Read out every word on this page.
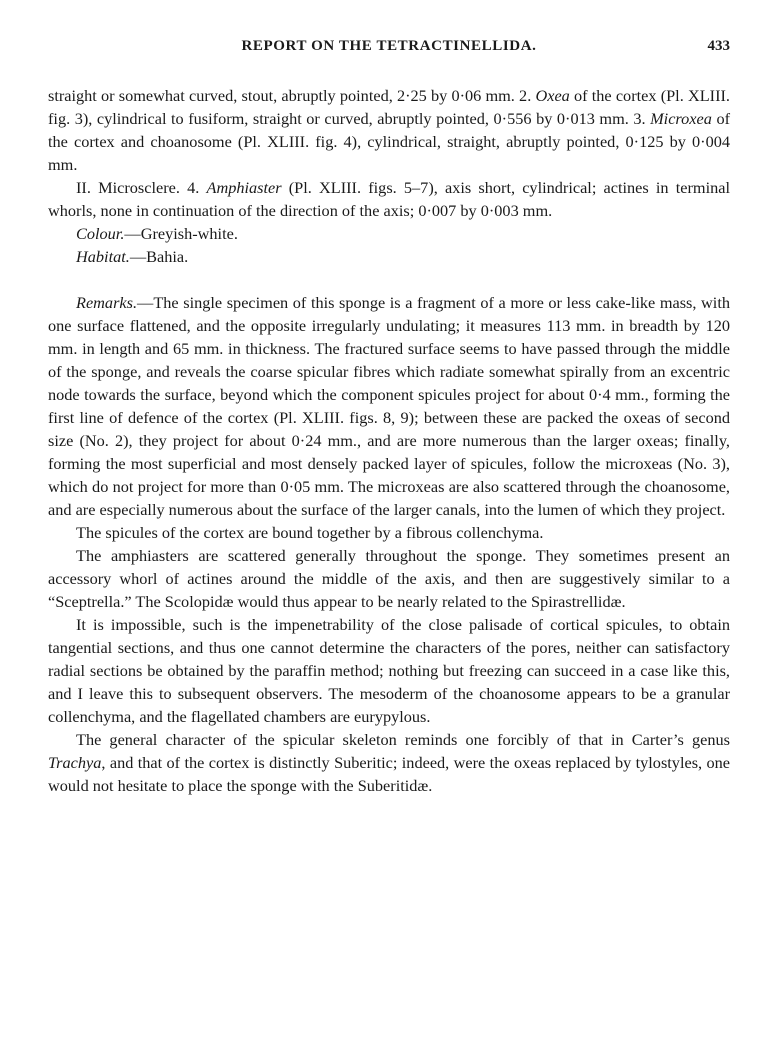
REPORT ON THE TETRACTINELLIDA.	433

straight or somewhat curved, stout, abruptly pointed, 2·25 by 0·06 mm. 2. Oxea of the cortex (Pl. XLIII. fig. 3), cylindrical to fusiform, straight or curved, abruptly pointed, 0·556 by 0·013 mm. 3. Microxea of the cortex and choanosome (Pl. XLIII. fig. 4), cylindrical, straight, abruptly pointed, 0·125 by 0·004 mm.

II. Microsclere. 4. Amphiaster (Pl. XLIII. figs. 5–7), axis short, cylindrical; actines in terminal whorls, none in continuation of the direction of the axis; 0·007 by 0·003 mm.

Colour.—Greyish-white.

Habitat.—Bahia.

Remarks.—The single specimen of this sponge is a fragment of a more or less cake-like mass, with one surface flattened, and the opposite irregularly undulating; it measures 113 mm. in breadth by 120 mm. in length and 65 mm. in thickness. The fractured surface seems to have passed through the middle of the sponge, and reveals the coarse spicular fibres which radiate somewhat spirally from an excentric node towards the surface, beyond which the component spicules project for about 0·4 mm., forming the first line of defence of the cortex (Pl. XLIII. figs. 8, 9); between these are packed the oxeas of second size (No. 2), they project for about 0·24 mm., and are more numerous than the larger oxeas; finally, forming the most superficial and most densely packed layer of spicules, follow the microxeas (No. 3), which do not project for more than 0·05 mm. The microxeas are also scattered through the choanosome, and are especially numerous about the surface of the larger canals, into the lumen of which they project.

The spicules of the cortex are bound together by a fibrous collenchyma.

The amphiasters are scattered generally throughout the sponge. They sometimes present an accessory whorl of actines around the middle of the axis, and then are suggestively similar to a “Sceptrella.” The Scolopidæ would thus appear to be nearly related to the Spirastrellidæ.

It is impossible, such is the impenetrability of the close palisade of cortical spicules, to obtain tangential sections, and thus one cannot determine the characters of the pores, neither can satisfactory radial sections be obtained by the paraffin method; nothing but freezing can succeed in a case like this, and I leave this to subsequent observers. The mesoderm of the choanosome appears to be a granular collenchyma, and the flagellated chambers are eurypylous.

The general character of the spicular skeleton reminds one forcibly of that in Carter’s genus Trachya, and that of the cortex is distinctly Suberitic; indeed, were the oxeas replaced by tylostyles, one would not hesitate to place the sponge with the Suberitidæ.
